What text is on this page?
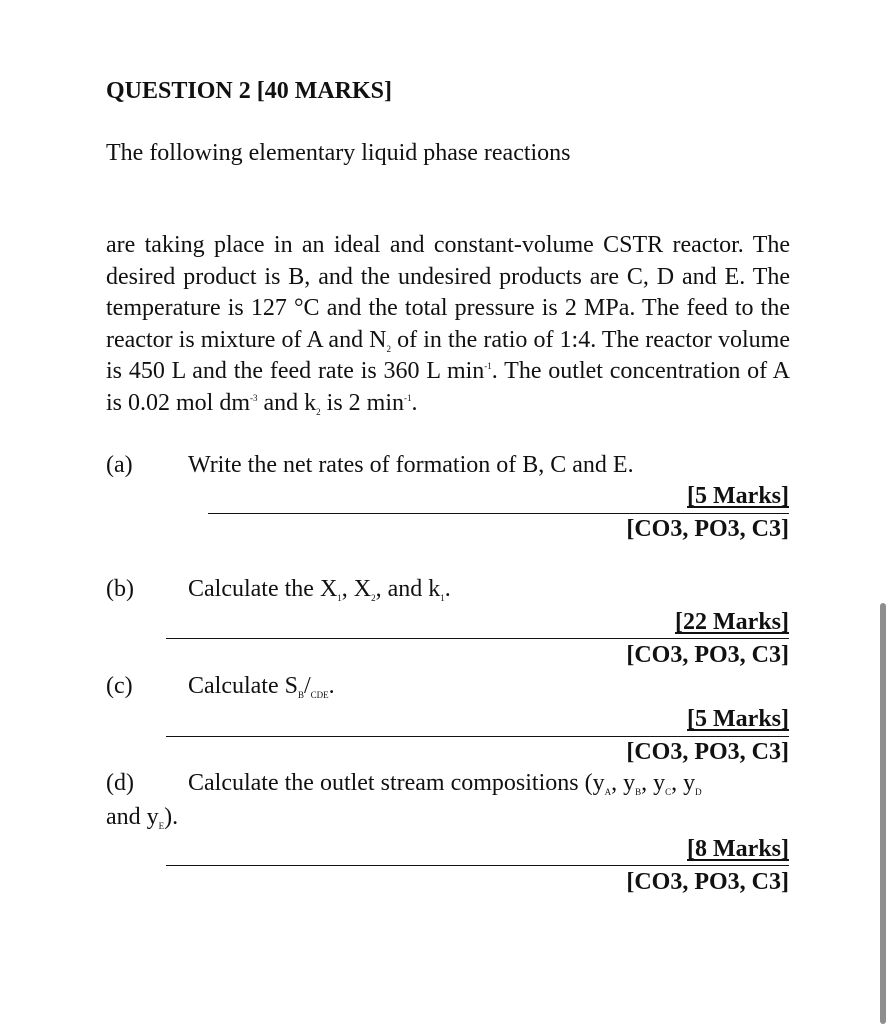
QUESTION 2 [40 MARKS]
The following elementary liquid phase reactions
are taking place in an ideal and constant-volume CSTR reactor. The desired product is B, and the undesired products are C, D and E. The temperature is 127 °C and the total pressure is 2 MPa. The feed to the reactor is mixture of A and $N_2$ of in the ratio of 1:4. The reactor volume is 450 L and the feed rate is 360 L $\min^{-1}$. The outlet concentration of A is 0.02 mol $dm^{-3}$ and $k_2$ is 2 $\min^{-1}$.
(a) Write the net rates of formation of B, C and E.
[5 Marks]
[CO3, PO3, C3]
(b) Calculate the $X_1$, $X_2$, and $k_1$.
[22 Marks]
[CO3, PO3, C3]
(c) Calculate $S_B/_{CDE}$.
[5 Marks]
[CO3, PO3, C3]
(d) Calculate the outlet stream compositions ($y_A$, $y_B$, $y_C$, $y_D$
and $y_E$).
[8 Marks]
[CO3, PO3, C3]
